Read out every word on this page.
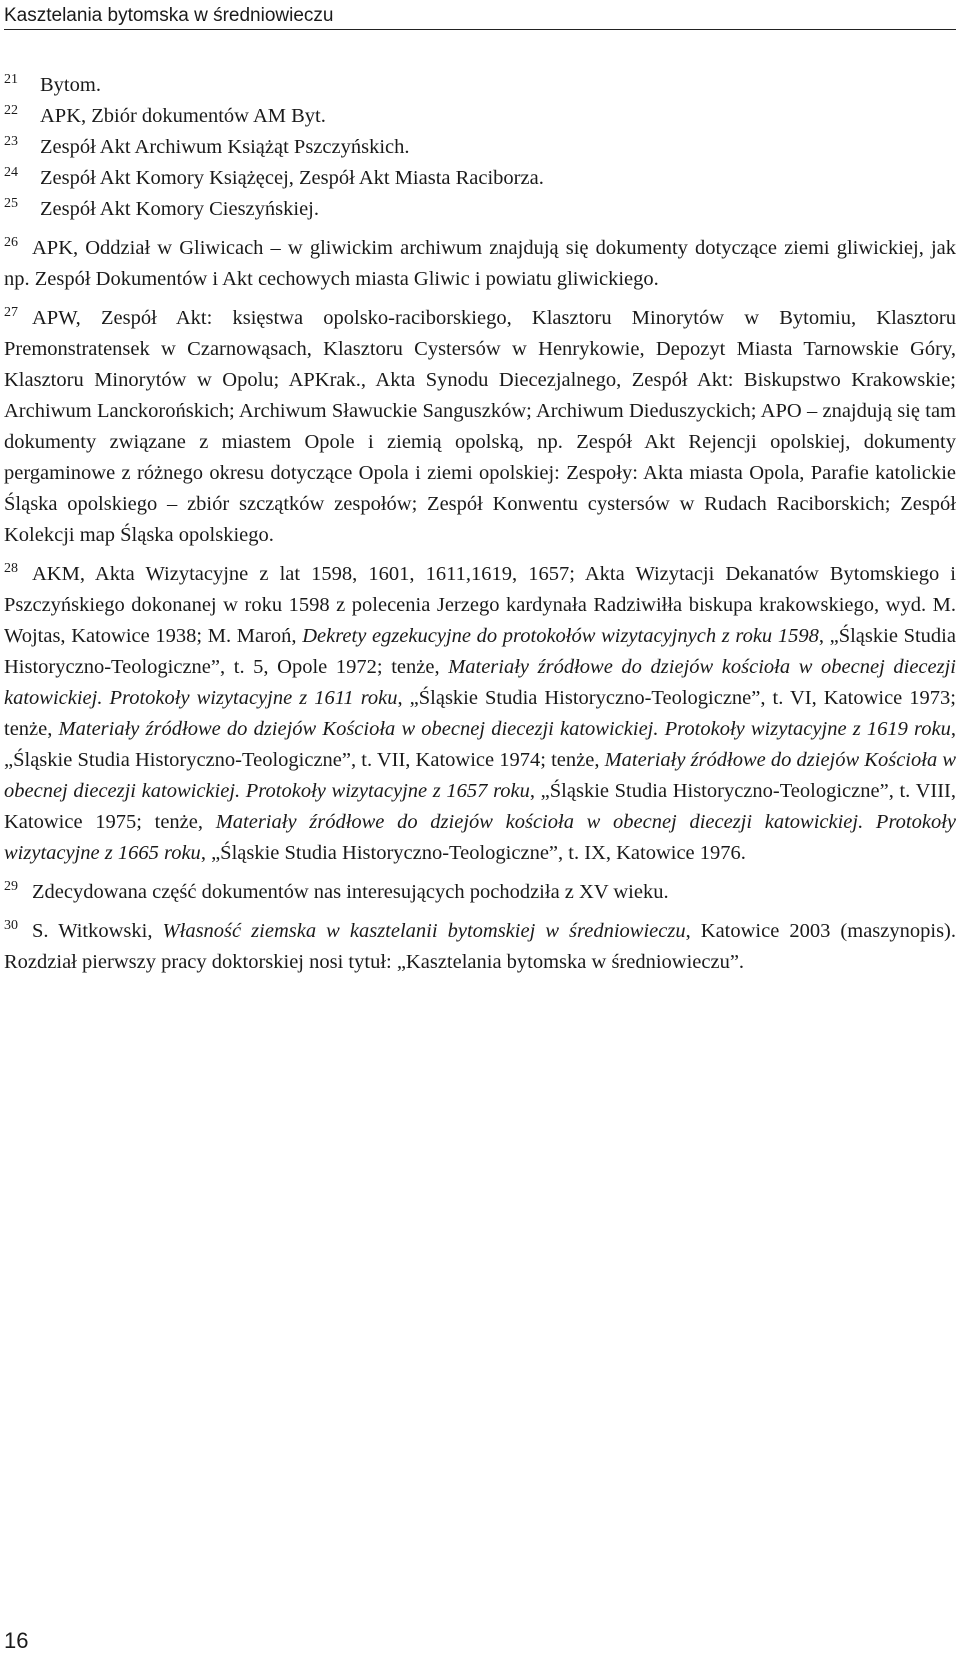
Kasztelania bytomska w średniowieczu

21 Bytom.

22 APK, Zbiór dokumentów AM Byt.

23 Zespół Akt Archiwum Książąt Pszczyńskich.

24 Zespół Akt Komory Książęcej, Zespół Akt Miasta Raciborza.

25 Zespół Akt Komory Cieszyńskiej.

26 APK, Oddział w Gliwicach – w gliwickim archiwum znajdują się dokumenty dotyczące ziemi gliwickiej, jak np. Zespół Dokumentów i Akt cechowych miasta Gliwic i powiatu gliwickiego.

27 APW, Zespół Akt: księstwa opolsko-raciborskiego, Klasztoru Minorytów w Bytomiu, Klasztoru Premonstratensek w Czarnowąsach, Klasztoru Cystersów w Henrykowie, Depozyt Miasta Tarnowskie Góry, Klasztoru Minorytów w Opolu; APKrak., Akta Synodu Diecezjalnego, Zespół Akt: Biskupstwo Krakowskie; Archiwum Lanckorońskich; Archiwum Sławuckie Sanguszków; Archiwum Dieduszyckich; APO – znajdują się tam dokumenty związane z miastem Opole i ziemią opolską, np. Zespół Akt Rejencji opolskiej, dokumenty pergaminowe z różnego okresu dotyczące Opola i ziemi opolskiej: Zespoły: Akta miasta Opola, Parafie katolickie Śląska opolskiego – zbiór szczątków zespołów; Zespół Konwentu cystersów w Rudach Raciborskich; Zespół Kolekcji map Śląska opolskiego.

28 AKM, Akta Wizytacyjne z lat 1598, 1601, 1611,1619, 1657; Akta Wizytacji Dekanatów Bytomskiego i Pszczyńskiego dokonanej w roku 1598 z polecenia Jerzego kardynała Radziwiłła biskupa krakowskiego, wyd. M. Wojtas, Katowice 1938; M. Maroń, Dekrety egzekucyjne do protokołów wizytacyjnych z roku 1598, „Śląskie Studia Historyczno-Teologiczne”, t. 5, Opole 1972; tenże, Materiały źródłowe do dziejów kościoła w obecnej diecezji katowickiej. Protokoły wizytacyjne z 1611 roku, „Śląskie Studia Historyczno-Teologiczne”, t. VI, Katowice 1973; tenże, Materiały źródłowe do dziejów Kościoła w obecnej diecezji katowickiej. Protokoły wizytacyjne z 1619 roku, „Śląskie Studia Historyczno-Teologiczne”, t. VII, Katowice 1974; tenże, Materiały źródłowe do dziejów Kościoła w obecnej diecezji katowickiej. Protokoły wizytacyjne z 1657 roku, „Śląskie Studia Historyczno-Teologiczne”, t. VIII, Katowice 1975; tenże, Materiały źródłowe do dziejów kościoła w obecnej diecezji katowickiej. Protokoły wizytacyjne z 1665 roku, „Śląskie Studia Historyczno-Teologiczne”, t. IX, Katowice 1976.

29 Zdecydowana część dokumentów nas interesujących pochodziła z XV wieku.

30 S. Witkowski, Własność ziemska w kasztelanii bytomskiej w średniowieczu, Katowice 2003 (maszynopis). Rozdział pierwszy pracy doktorskiej nosi tytuł: „Kasztelania bytomska w średniowieczu”.

16
